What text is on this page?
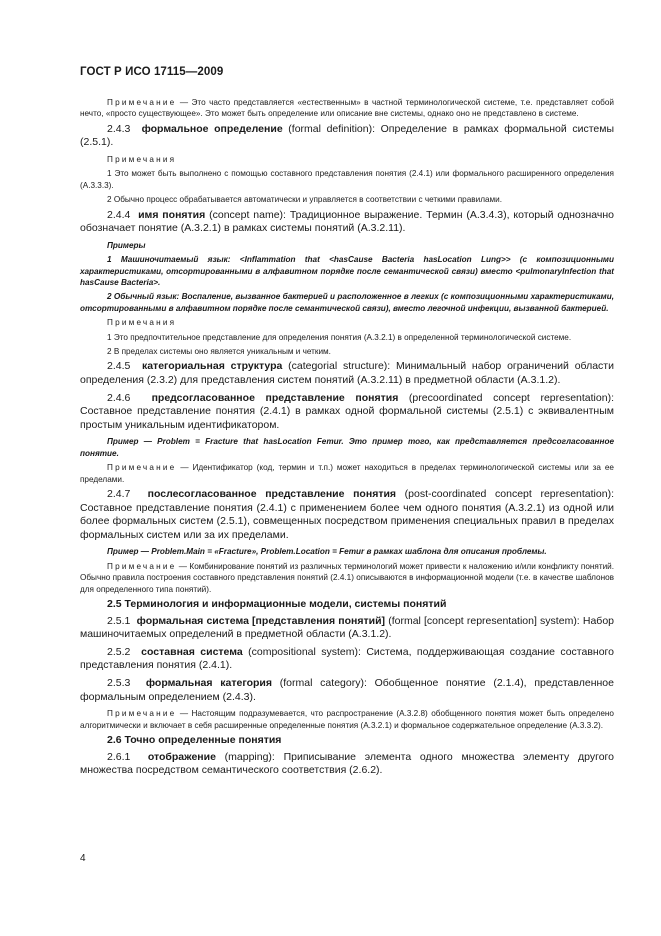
ГОСТ Р ИСО 17115—2009

Примечание — Это часто представляется «естественным» в частной терминологической системе, т.е. представляет собой нечто, «просто существующее». Это может быть определение или описание вне системы, однако оно не представлено в системе.

2.4.3 формальное определение (formal definition): Определение в рамках формальной системы (2.5.1).

Примечания

1 Это может быть выполнено с помощью составного представления понятия (2.4.1) или формального расширенного определения (А.3.3.3).

2 Обычно процесс обрабатывается автоматически и управляется в соответствии с четкими правилами.

2.4.4 имя понятия (concept name): Традиционное выражение. Термин (А.3.4.3), который однозначно обозначает понятие (А.3.2.1) в рамках системы понятий (А.3.2.11).

Примеры

1 Машиночитаемый язык: <Inflammation that <hasCause Bacteria hasLocation Lung>> (с композиционными характеристиками, отсортированными в алфавитном порядке после семантической связи) вместо <pulmonaryInfection that hasCause Bacteria>.

2 Обычный язык: Воспаление, вызванное бактерией и расположенное в легких (с композиционными характеристиками, отсортированными в алфавитном порядке после семантической связи), вместо легочной инфекции, вызванной бактерией.

Примечания

1 Это предпочтительное представление для определения понятия (А.3.2.1) в определенной терминологической системе.

2 В пределах системы оно является уникальным и четким.

2.4.5 категориальная структура (categorial structure): Минимальный набор ограничений области определения (2.3.2) для представления систем понятий (А.3.2.11) в предметной области (А.3.1.2).

2.4.6 предсогласованное представление понятия (precoordinated concept representation): Составное представление понятия (2.4.1) в рамках одной формальной системы (2.5.1) с эквивалентным простым уникальным идентификатором.

Пример — Problem = Fracture that hasLocation Femur. Это пример того, как представляется предсогласованное понятие.

Примечание — Идентификатор (код, термин и т.п.) может находиться в пределах терминологической системы или за ее пределами.

2.4.7 послесогласованное представление понятия (post-coordinated concept representation): Составное представление понятия (2.4.1) с применением более чем одного понятия (А.3.2.1) из одной или более формальных систем (2.5.1), совмещенных посредством применения специальных правил в пределах формальных систем или за их пределами.

Пример — Problem.Main = «Fracture», Problem.Location = Femur в рамках шаблона для описания проблемы.

Примечание — Комбинирование понятий из различных терминологий может привести к наложению и/или конфликту понятий. Обычно правила построения составного представления понятий (2.4.1) описываются в информационной модели (т.е. в качестве шаблонов для определенного типа понятий).

2.5 Терминология и информационные модели, системы понятий

2.5.1 формальная система [представления понятий] (formal [concept representation] system): Набор машиночитаемых определений в предметной области (А.3.1.2).

2.5.2 составная система (compositional system): Система, поддерживающая создание составного представления понятия (2.4.1).

2.5.3 формальная категория (formal category): Обобщенное понятие (2.1.4), представленное формальным определением (2.4.3).

Примечание — Настоящим подразумевается, что распространение (А.3.2.8) обобщенного понятия может быть определено алгоритмически и включает в себя расширенные определенные понятия (А.3.2.1) и формальное содержательное определение (А.3.3.2).

2.6 Точно определенные понятия

2.6.1 отображение (mapping): Приписывание элемента одного множества элементу другого множества посредством семантического соответствия (2.6.2).

4
